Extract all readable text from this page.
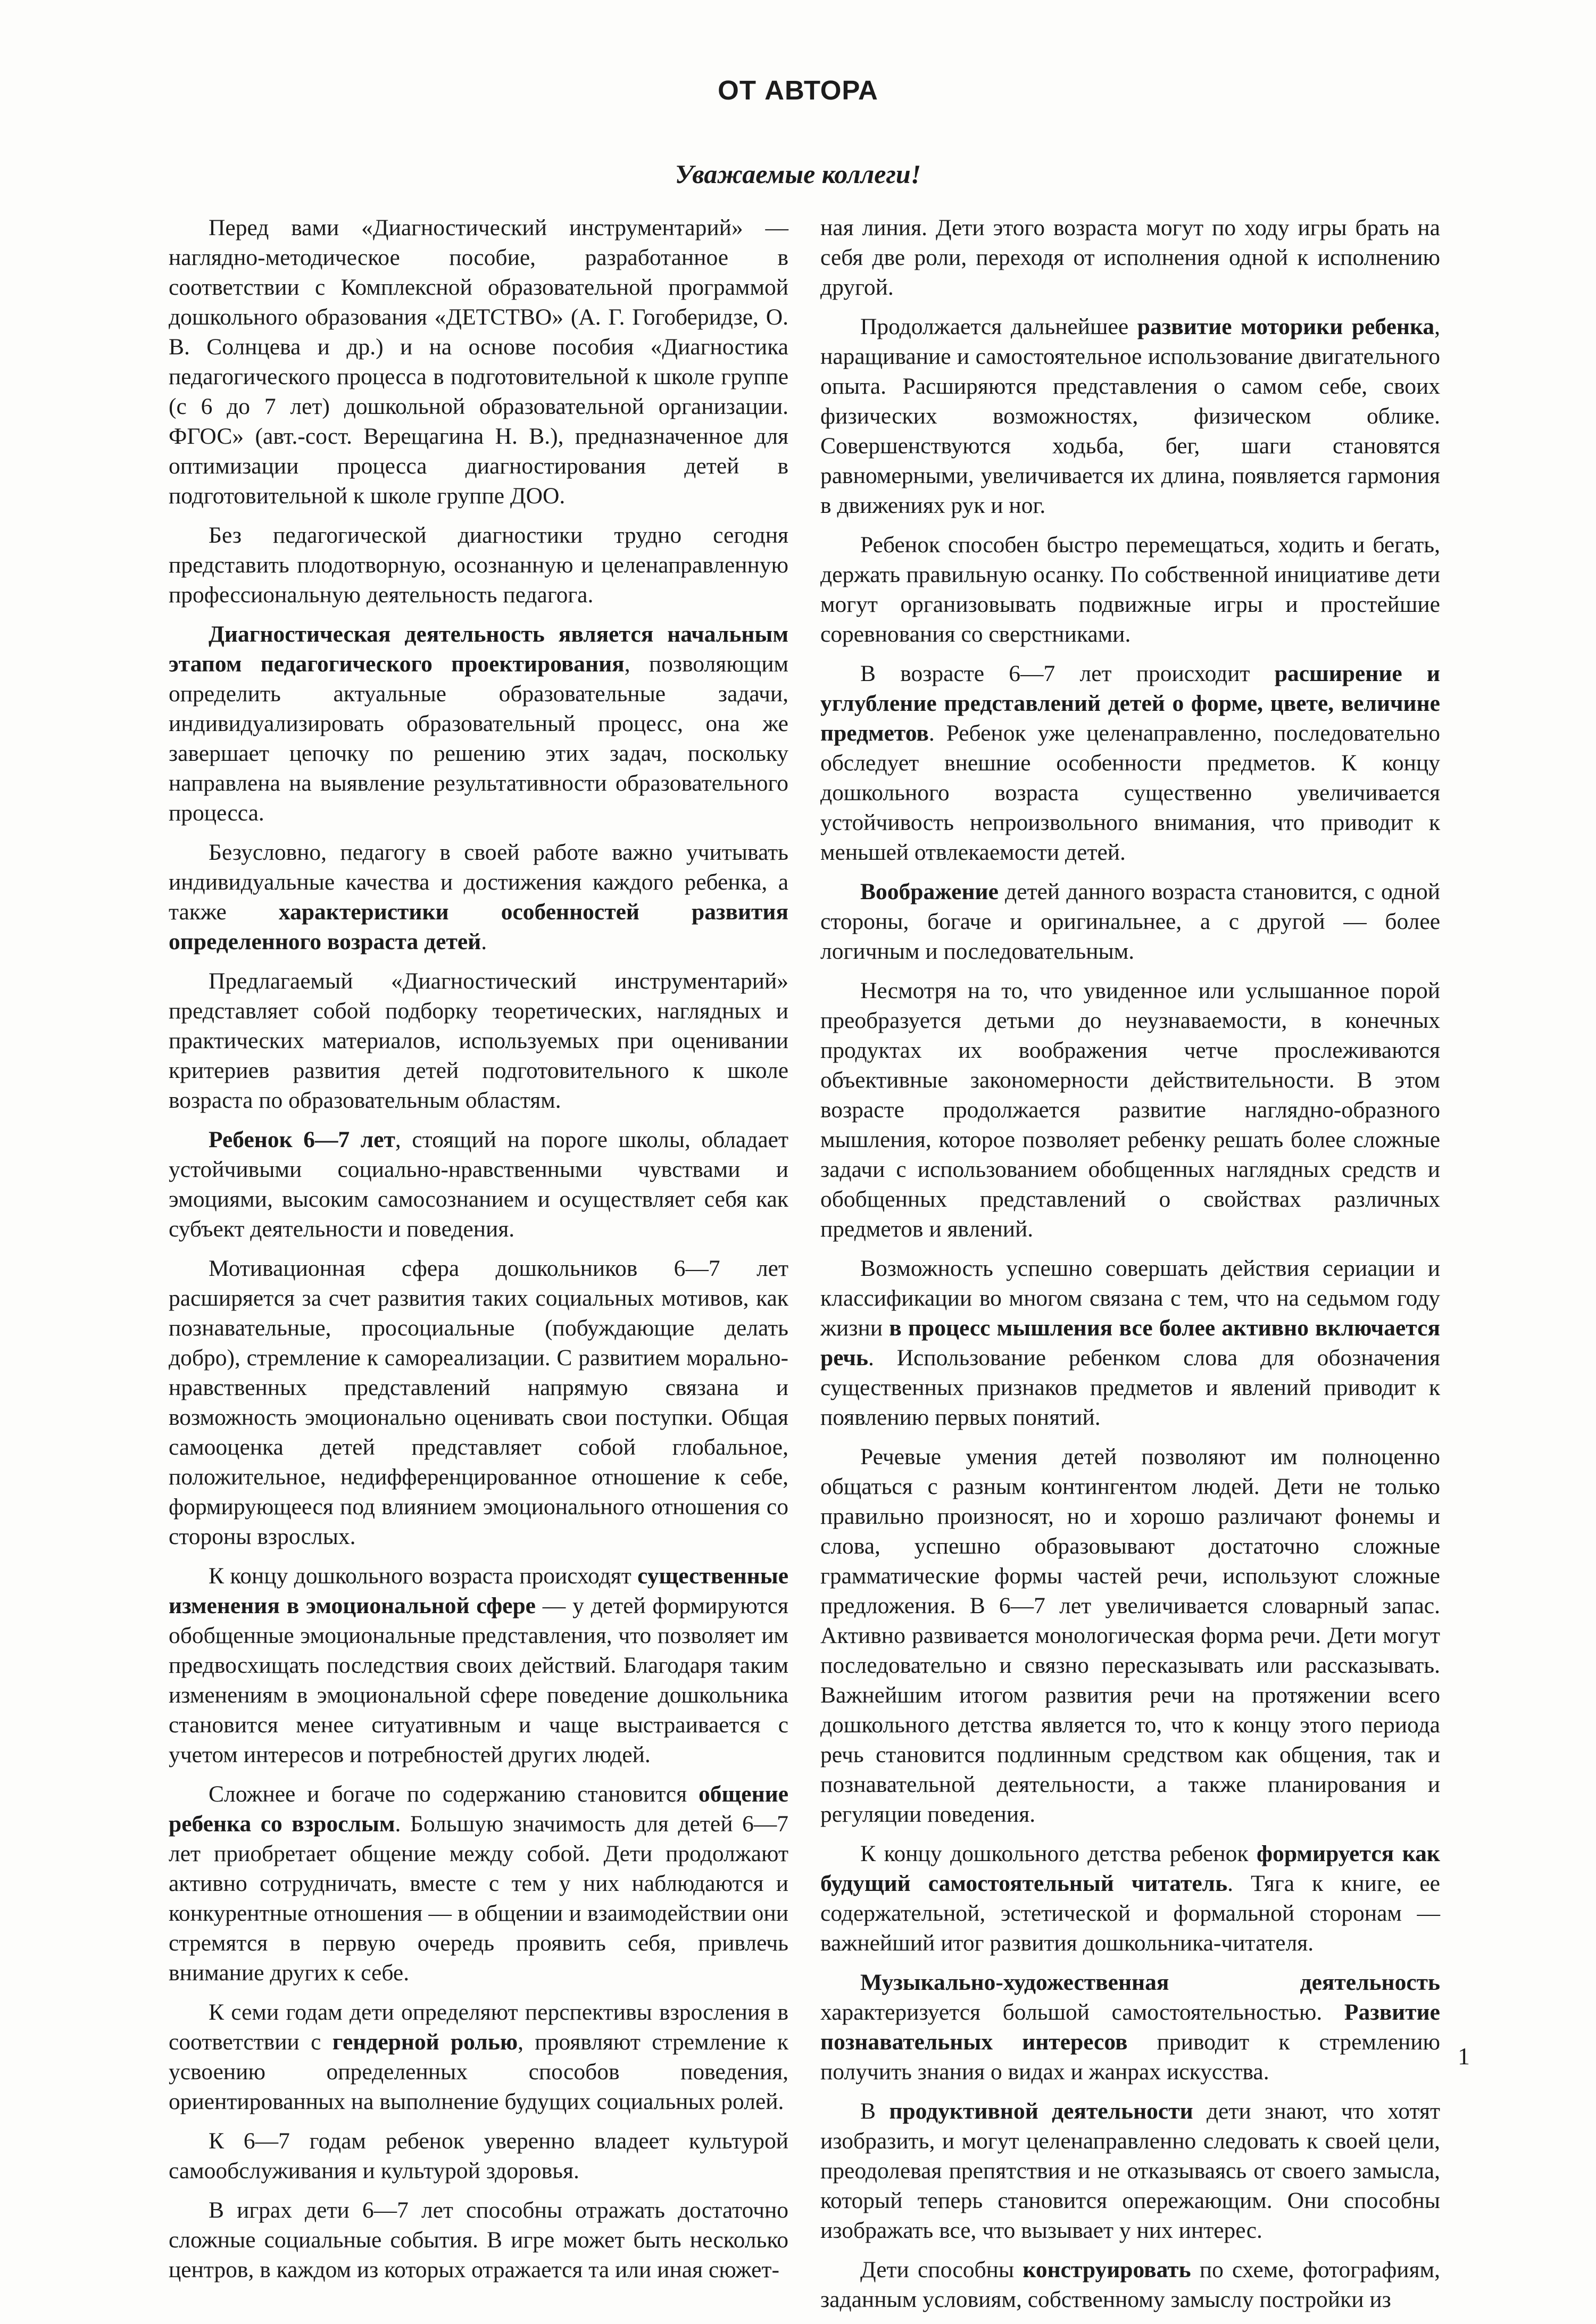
ОТ АВТОРА
Уважаемые коллеги!

Перед вами «Диагностический инструментарий» — наглядно-методическое пособие, разработанное в соответствии с Комплексной образовательной программой дошкольного образования «ДЕТСТВО» (А. Г. Гогоберидзе, О. В. Солнцева и др.) и на основе пособия «Диагностика педагогического процесса в подготовительной к школе группе (с 6 до 7 лет) дошкольной образовательной организации. ФГОС» (авт.-сост. Верещагина Н. В.), предназначенное для оптимизации процесса диагностирования детей в подготовительной к школе группе ДОО.

Без педагогической диагностики трудно сегодня представить плодотворную, осознанную и целенаправленную профессиональную деятельность педагога.

Диагностическая деятельность является начальным этапом педагогического проектирования, позволяющим определить актуальные образовательные задачи, индивидуализировать образовательный процесс, она же завершает цепочку по решению этих задач, поскольку направлена на выявление результативности образовательного процесса.

Безусловно, педагогу в своей работе важно учитывать индивидуальные качества и достижения каждого ребенка, а также характеристики особенностей развития определенного возраста детей.

Предлагаемый «Диагностический инструментарий» представляет собой подборку теоретических, наглядных и практических материалов, используемых при оценивании критериев развития детей подготовительного к школе возраста по образовательным областям.

Ребенок 6—7 лет, стоящий на пороге школы, обладает устойчивыми социально-нравственными чувствами и эмоциями, высоким самосознанием и осуществляет себя как субъект деятельности и поведения.

Мотивационная сфера дошкольников 6—7 лет расширяется за счет развития таких социальных мотивов, как познавательные, просоциальные (побуждающие делать добро), стремление к самореализации. С развитием морально-нравственных представлений напрямую связана и возможность эмоционально оценивать свои поступки. Общая самооценка детей представляет собой глобальное, положительное, недифференцированное отношение к себе, формирующееся под влиянием эмоционального отношения со стороны взрослых.

К концу дошкольного возраста происходят существенные изменения в эмоциональной сфере — у детей формируются обобщенные эмоциональные представления, что позволяет им предвосхищать последствия своих действий. Благодаря таким изменениям в эмоциональной сфере поведение дошкольника становится менее ситуативным и чаще выстраивается с учетом интересов и потребностей других людей.

Сложнее и богаче по содержанию становится общение ребенка со взрослым. Большую значимость для детей 6—7 лет приобретает общение между собой. Дети продолжают активно сотрудничать, вместе с тем у них наблюдаются и конкурентные отношения — в общении и взаимодействии они стремятся в первую очередь проявить себя, привлечь внимание других к себе.

К семи годам дети определяют перспективы взросления в соответствии с гендерной ролью, проявляют стремление к усвоению определенных способов поведения, ориентированных на выполнение будущих социальных ролей.

К 6—7 годам ребенок уверенно владеет культурой самообслуживания и культурой здоровья.

В играх дети 6—7 лет способны отражать достаточно сложные социальные события. В игре может быть несколько центров, в каждом из которых отражается та или иная сюжет-

ная линия. Дети этого возраста могут по ходу игры брать на себя две роли, переходя от исполнения одной к исполнению другой.

Продолжается дальнейшее развитие моторики ребенка, наращивание и самостоятельное использование двигательного опыта. Расширяются представления о самом себе, своих физических возможностях, физическом облике. Совершенствуются ходьба, бег, шаги становятся равномерными, увеличивается их длина, появляется гармония в движениях рук и ног.

Ребенок способен быстро перемещаться, ходить и бегать, держать правильную осанку. По собственной инициативе дети могут организовывать подвижные игры и простейшие соревнования со сверстниками.

В возрасте 6—7 лет происходит расширение и углубление представлений детей о форме, цвете, величине предметов. Ребенок уже целенаправленно, последовательно обследует внешние особенности предметов. К концу дошкольного возраста существенно увеличивается устойчивость непроизвольного внимания, что приводит к меньшей отвлекаемости детей.

Воображение детей данного возраста становится, с одной стороны, богаче и оригинальнее, а с другой — более логичным и последовательным.

Несмотря на то, что увиденное или услышанное порой преобразуется детьми до неузнаваемости, в конечных продуктах их воображения четче прослеживаются объективные закономерности действительности. В этом возрасте продолжается развитие наглядно-образного мышления, которое позволяет ребенку решать более сложные задачи с использованием обобщенных наглядных средств и обобщенных представлений о свойствах различных предметов и явлений.

Возможность успешно совершать действия сериации и классификации во многом связана с тем, что на седьмом году жизни в процесс мышления все более активно включается речь. Использование ребенком слова для обозначения существенных признаков предметов и явлений приводит к появлению первых понятий.

Речевые умения детей позволяют им полноценно общаться с разным контингентом людей. Дети не только правильно произносят, но и хорошо различают фонемы и слова, успешно образовывают достаточно сложные грамматические формы частей речи, используют сложные предложения. В 6—7 лет увеличивается словарный запас. Активно развивается монологическая форма речи. Дети могут последовательно и связно пересказывать или рассказывать. Важнейшим итогом развития речи на протяжении всего дошкольного детства является то, что к концу этого периода речь становится подлинным средством как общения, так и познавательной деятельности, а также планирования и регуляции поведения.

К концу дошкольного детства ребенок формируется как будущий самостоятельный читатель. Тяга к книге, ее содержательной, эстетической и формальной сторонам — важнейший итог развития дошкольника-читателя.

Музыкально-художественная деятельность характеризуется большой самостоятельностью. Развитие познавательных интересов приводит к стремлению получить знания о видах и жанрах искусства.

В продуктивной деятельности дети знают, что хотят изобразить, и могут целенаправленно следовать к своей цели, преодолевая препятствия и не отказываясь от своего замысла, который теперь становится опережающим. Они способны изображать все, что вызывает у них интерес.

Дети способны конструировать по схеме, фотографиям, заданным условиям, собственному замыслу постройки из

1
